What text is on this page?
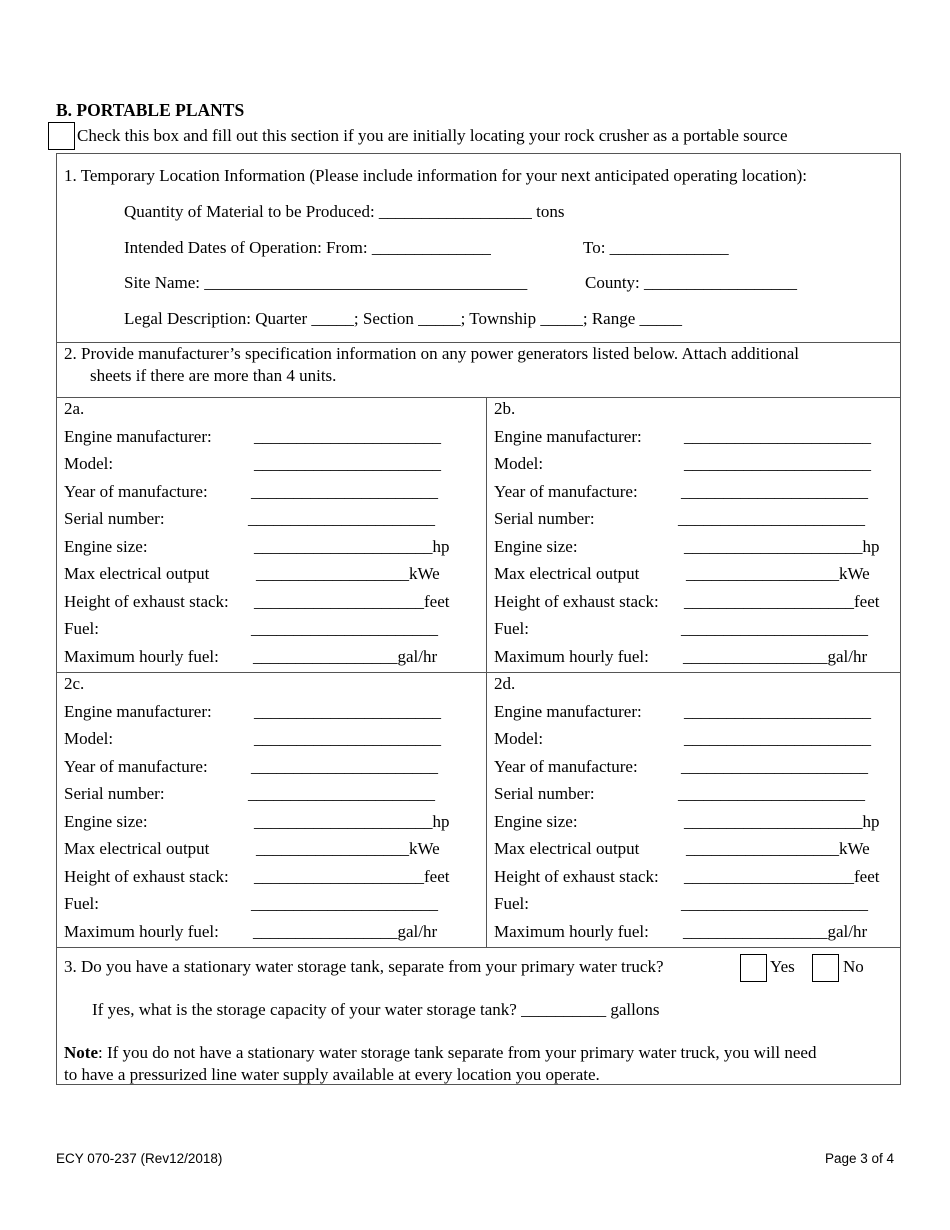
B. PORTABLE PLANTS
Check this box and fill out this section if you are initially locating your rock crusher as a portable source
1. Temporary Location Information (Please include information for your next anticipated operating location):
Quantity of Material to be Produced: __________________ tons
Intended Dates of Operation: From: ______________	To: ______________
Site Name: ______________________________________	County: __________________
Legal Description: Quarter _____; Section _____; Township _____; Range _____
2. Provide manufacturer’s specification information on any power generators listed below. Attach additional
sheets if there are more than 4 units.
2a.
Engine manufacturer: ______________________
Model:	______________________
Year of manufacture:	______________________
Serial number:	______________________
Engine size:	_____________________hp
Max electrical output	__________________kWe
Height of exhaust stack: ____________________feet
Fuel:	______________________
Maximum hourly fuel: _________________gal/hr
2b.
Engine manufacturer: ______________________
Model:	______________________
Year of manufacture:	______________________
Serial number:	______________________
Engine size:	_____________________hp
Max electrical output	__________________kWe
Height of exhaust stack: ____________________feet
Fuel:	______________________
Maximum hourly fuel: _________________gal/hr
2c.
Engine manufacturer: ______________________
Model:	______________________
Year of manufacture:	______________________
Serial number:	______________________
Engine size:	_____________________hp
Max electrical output	__________________kWe
Height of exhaust stack: ____________________feet
Fuel:	______________________
Maximum hourly fuel: _________________gal/hr
2d.
Engine manufacturer: ______________________
Model:	______________________
Year of manufacture:	______________________
Serial number:	______________________
Engine size:	_____________________hp
Max electrical output	__________________kWe
Height of exhaust stack: ____________________feet
Fuel:	______________________
Maximum hourly fuel: _________________gal/hr
3. Do you have a stationary water storage tank, separate from your primary water truck?	Yes	No
If yes, what is the storage capacity of your water storage tank? __________ gallons
Note: If you do not have a stationary water storage tank separate from your primary water truck, you will need
to have a pressurized line water supply available at every location you operate.
ECY 070-237 (Rev12/2018)	Page 3 of 4
